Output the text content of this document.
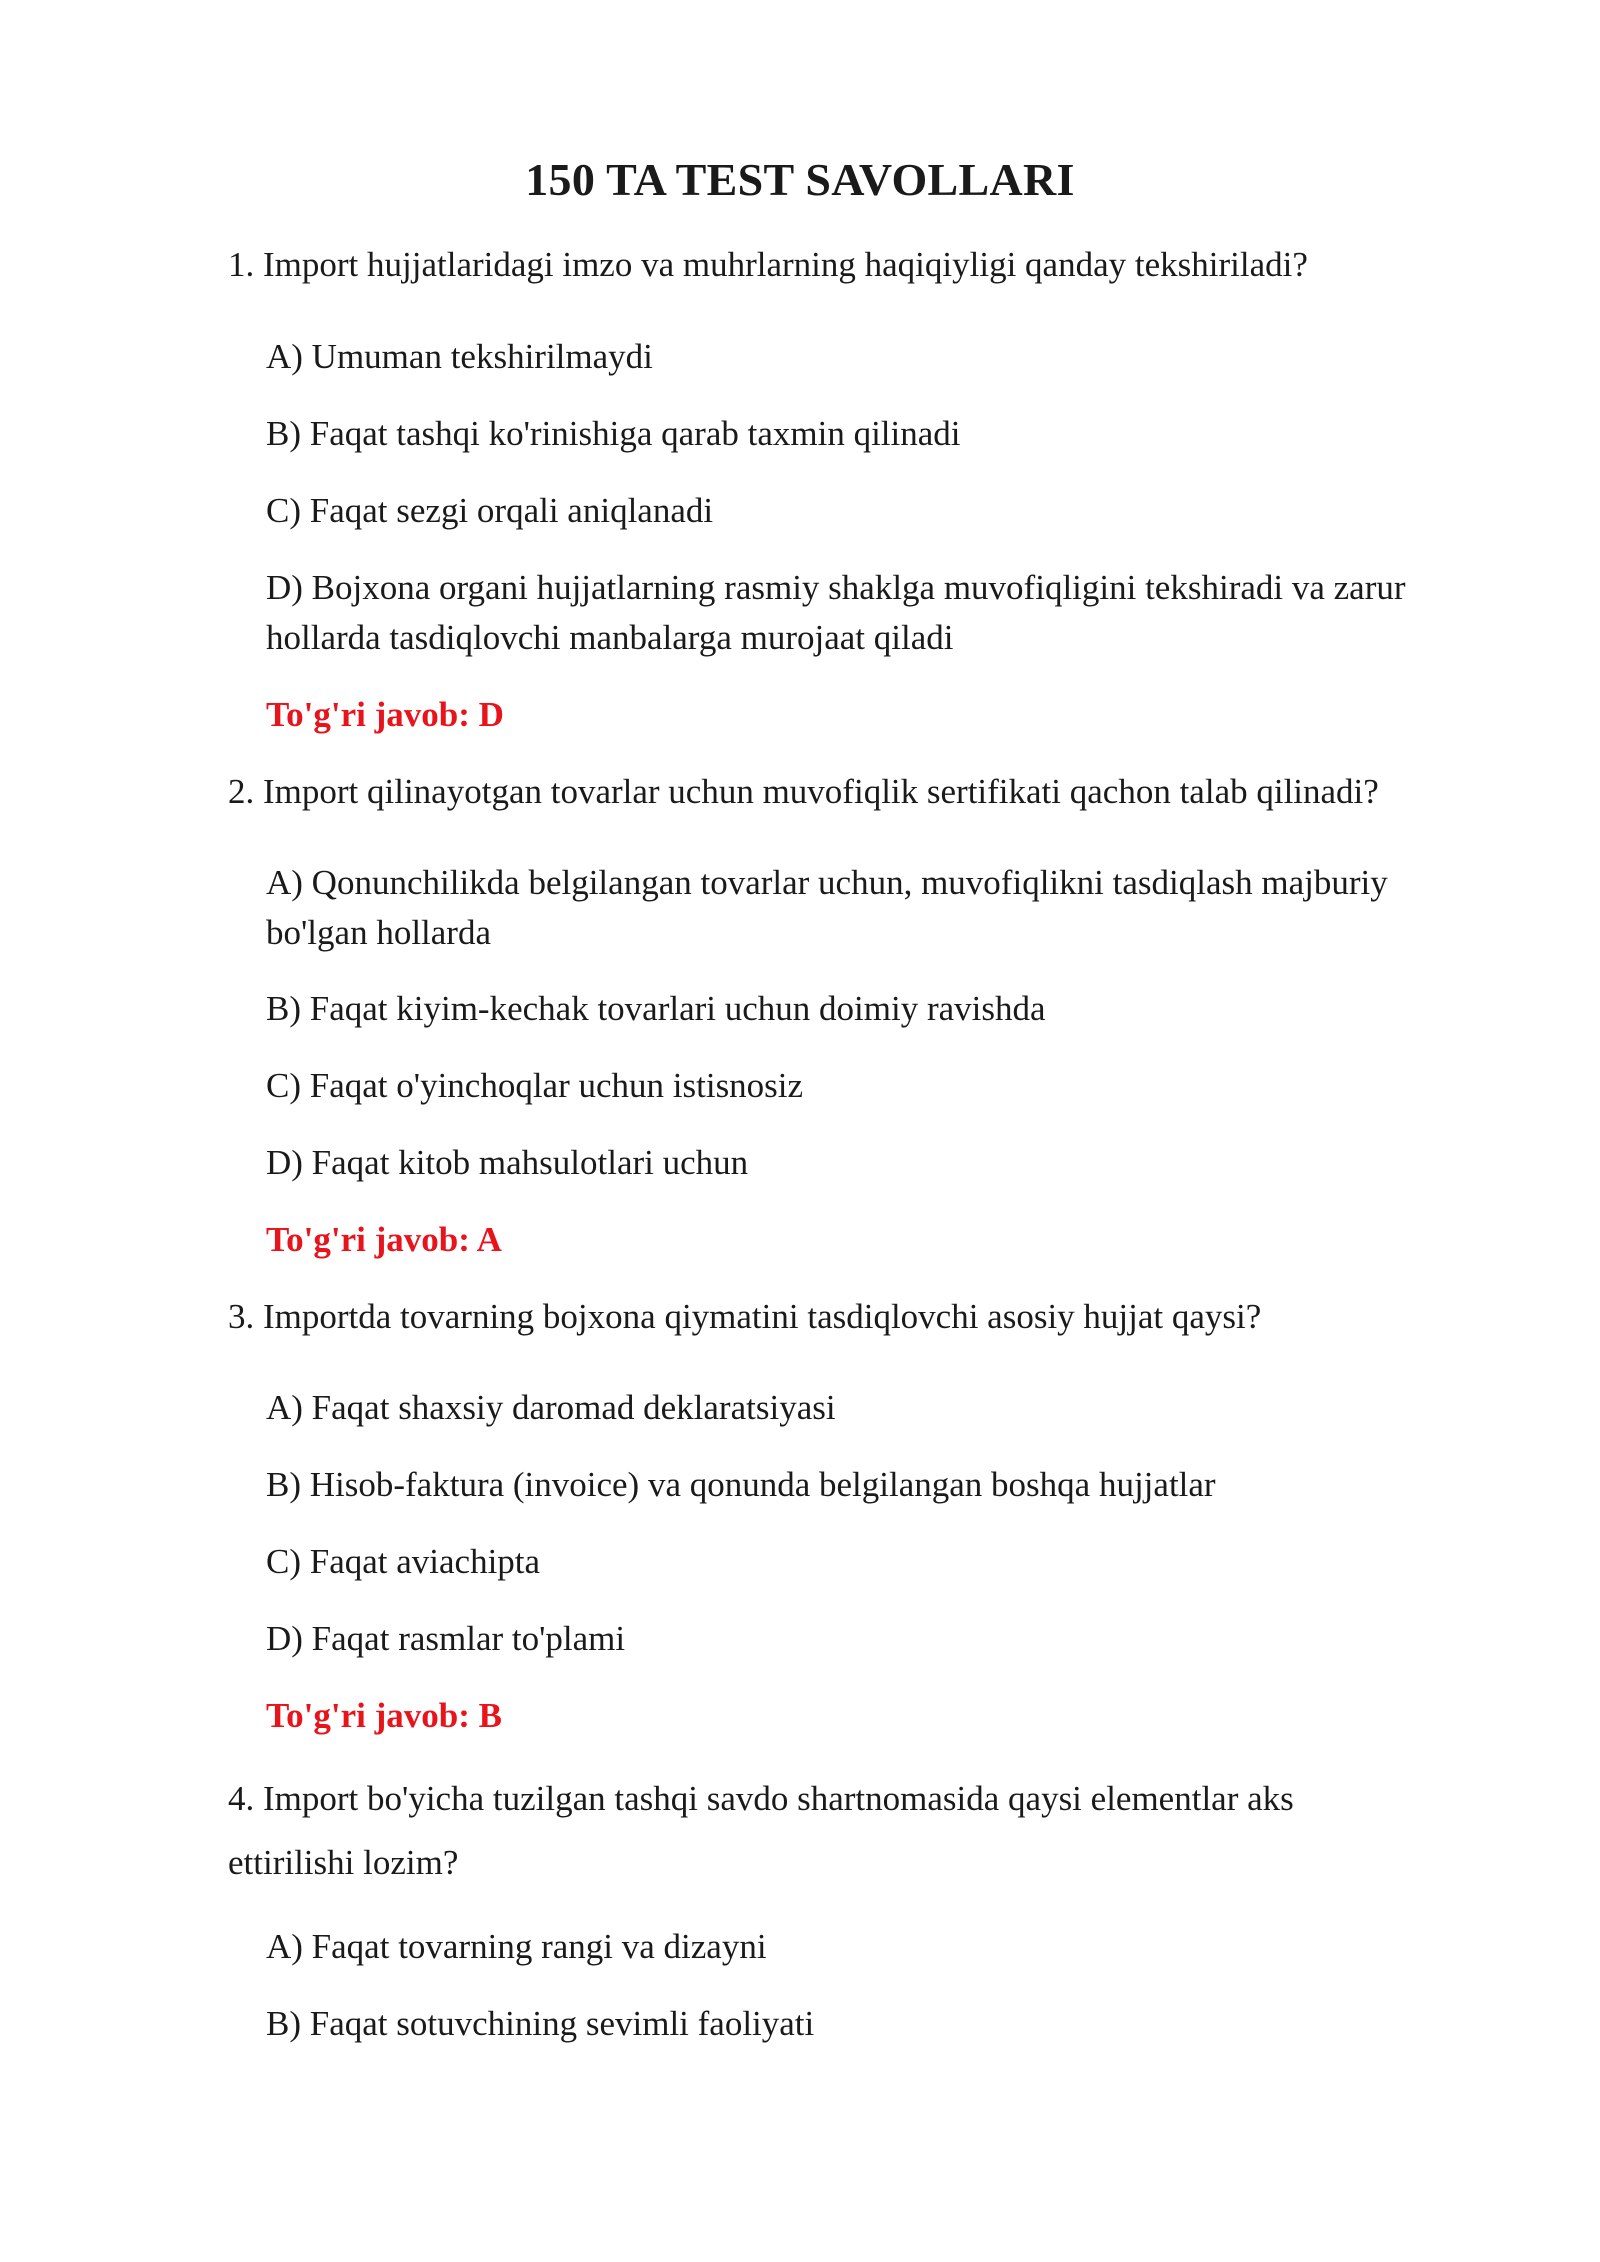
150 TA TEST SAVOLLARI
1. Import hujjatlaridagi imzo va muhrlarning haqiqiyligi qanday tekshiriladi?
A) Umuman tekshirilmaydi
B) Faqat tashqi ko'rinishiga qarab taxmin qilinadi
C) Faqat sezgi orqali aniqlanadi
D) Bojxona organi hujjatlarning rasmiy shaklga muvofiqligini tekshiradi va zarur hollarda tasdiqlovchi manbalarga murojaat qiladi
To'g'ri javob: D
2. Import qilinayotgan tovarlar uchun muvofiqlik sertifikati qachon talab qilinadi?
A) Qonunchilikda belgilangan tovarlar uchun, muvofiqlikni tasdiqlash majburiy bo'lgan hollarda
B) Faqat kiyim-kechak tovarlari uchun doimiy ravishda
C) Faqat o'yinchoqlar uchun istisnosiz
D) Faqat kitob mahsulotlari uchun
To'g'ri javob: A
3. Importda tovarning bojxona qiymatini tasdiqlovchi asosiy hujjat qaysi?
A) Faqat shaxsiy daromad deklaratsiyasi
B) Hisob-faktura (invoice) va qonunda belgilangan boshqa hujjatlar
C) Faqat aviachipta
D) Faqat rasmlar to'plami
To'g'ri javob: B
4. Import bo'yicha tuzilgan tashqi savdo shartnomasida qaysi elementlar aks ettirilishi lozim?
A) Faqat tovarning rangi va dizayni
B) Faqat sotuvchining sevimli faoliyati
